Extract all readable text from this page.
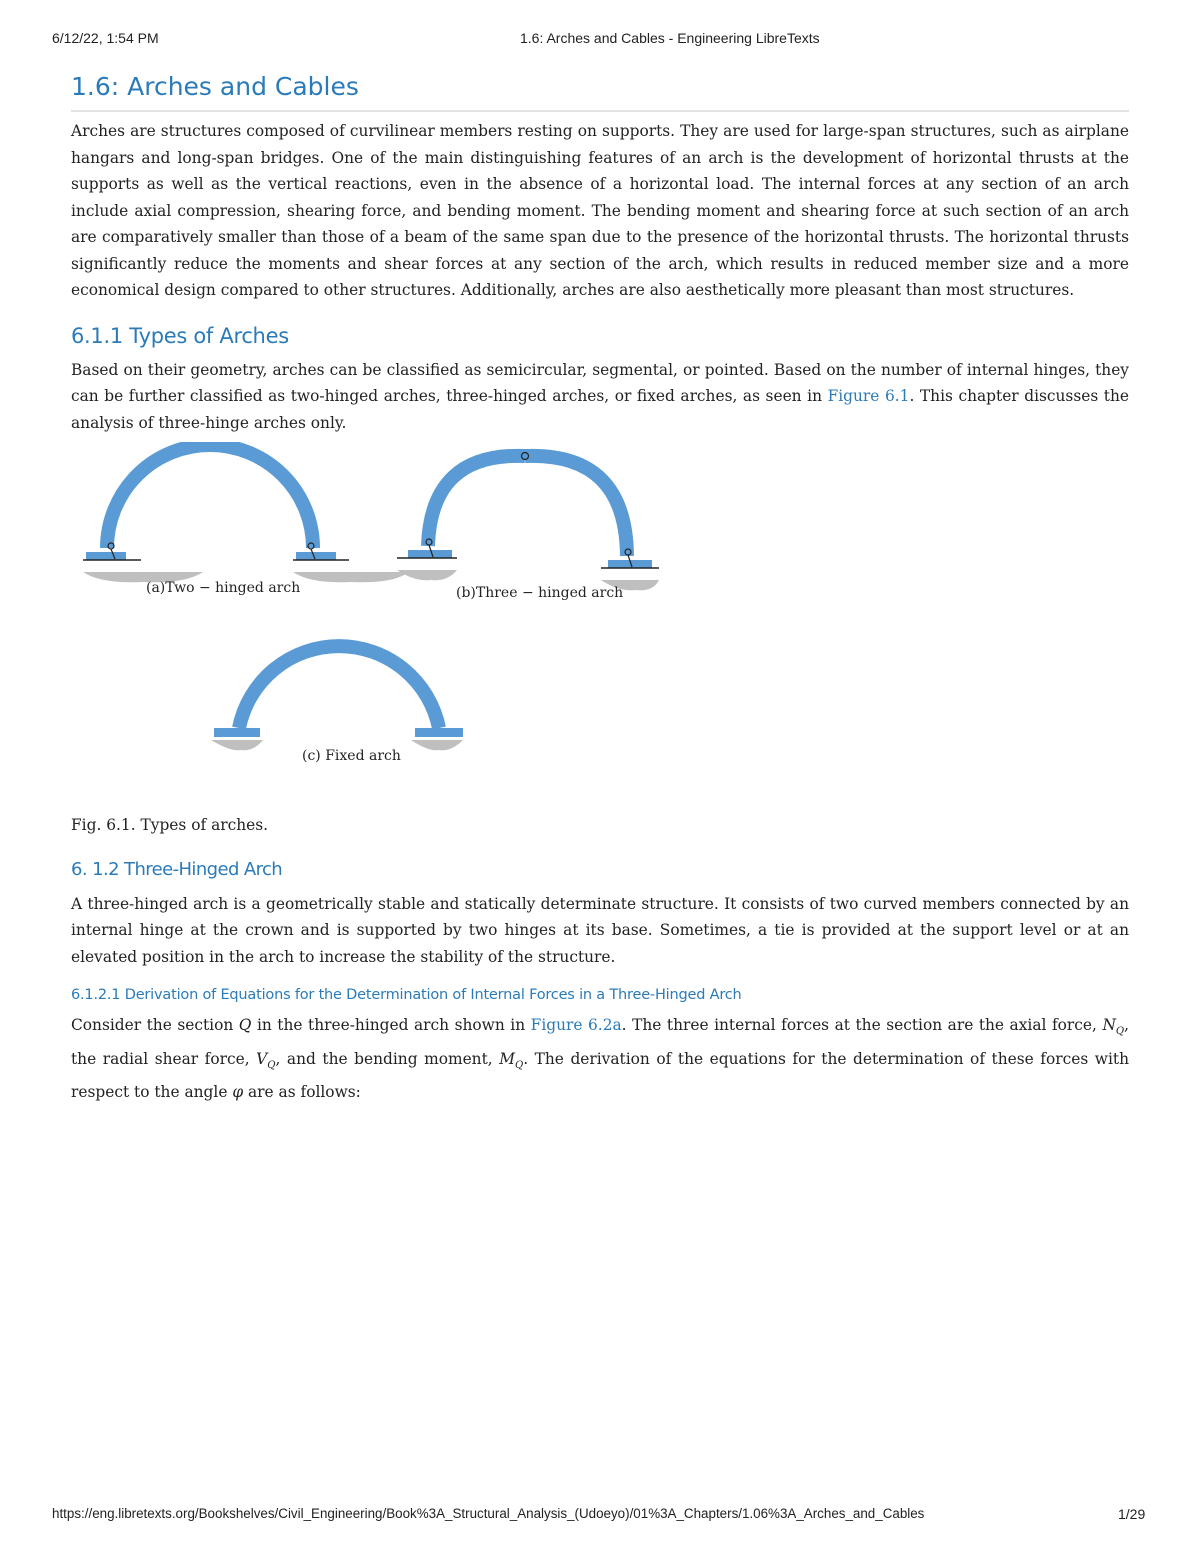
6/12/22, 1:54 PM	1.6: Arches and Cables - Engineering LibreTexts
1.6: Arches and Cables

Arches are structures composed of curvilinear members resting on supports. They are used for large-span structures, such as airplane hangars and long-span bridges. One of the main distinguishing features of an arch is the development of horizontal thrusts at the supports as well as the vertical reactions, even in the absence of a horizontal load. The internal forces at any section of an arch include axial compression, shearing force, and bending moment. The bending moment and shearing force at such section of an arch are comparatively smaller than those of a beam of the same span due to the presence of the horizontal thrusts. The horizontal thrusts significantly reduce the moments and shear forces at any section of the arch, which results in reduced member size and a more economical design compared to other structures. Additionally, arches are also aesthetically more pleasant than most structures.

6.1.1 Types of Arches

Based on their geometry, arches can be classified as semicircular, segmental, or pointed. Based on the number of internal hinges, they can be further classified as two-hinged arches, three-hinged arches, or fixed arches, as seen in Figure 6.1. This chapter discusses the analysis of three-hinge arches only.

(a)Two − hinged arch	(b)Three − hinged arch
(c) Fixed arch

Fig. 6.1. Types of arches.

6. 1.2 Three-Hinged Arch

A three-hinged arch is a geometrically stable and statically determinate structure. It consists of two curved members connected by an internal hinge at the crown and is supported by two hinges at its base. Sometimes, a tie is provided at the support level or at an elevated position in the arch to increase the stability of the structure.

6.1.2.1 Derivation of Equations for the Determination of Internal Forces in a Three-Hinged Arch

Consider the section Q in the three-hinged arch shown in Figure 6.2a. The three internal forces at the section are the axial force, $N_Q$, the radial shear force, $V_Q$, and the bending moment, $M_Q$. The derivation of the equations for the determination of these forces with respect to the angle φ are as follows:

https://eng.libretexts.org/Bookshelves/Civil_Engineering/Book%3A_Structural_Analysis_(Udoeyo)/01%3A_Chapters/1.06%3A_Arches_and_Cables	1/29
